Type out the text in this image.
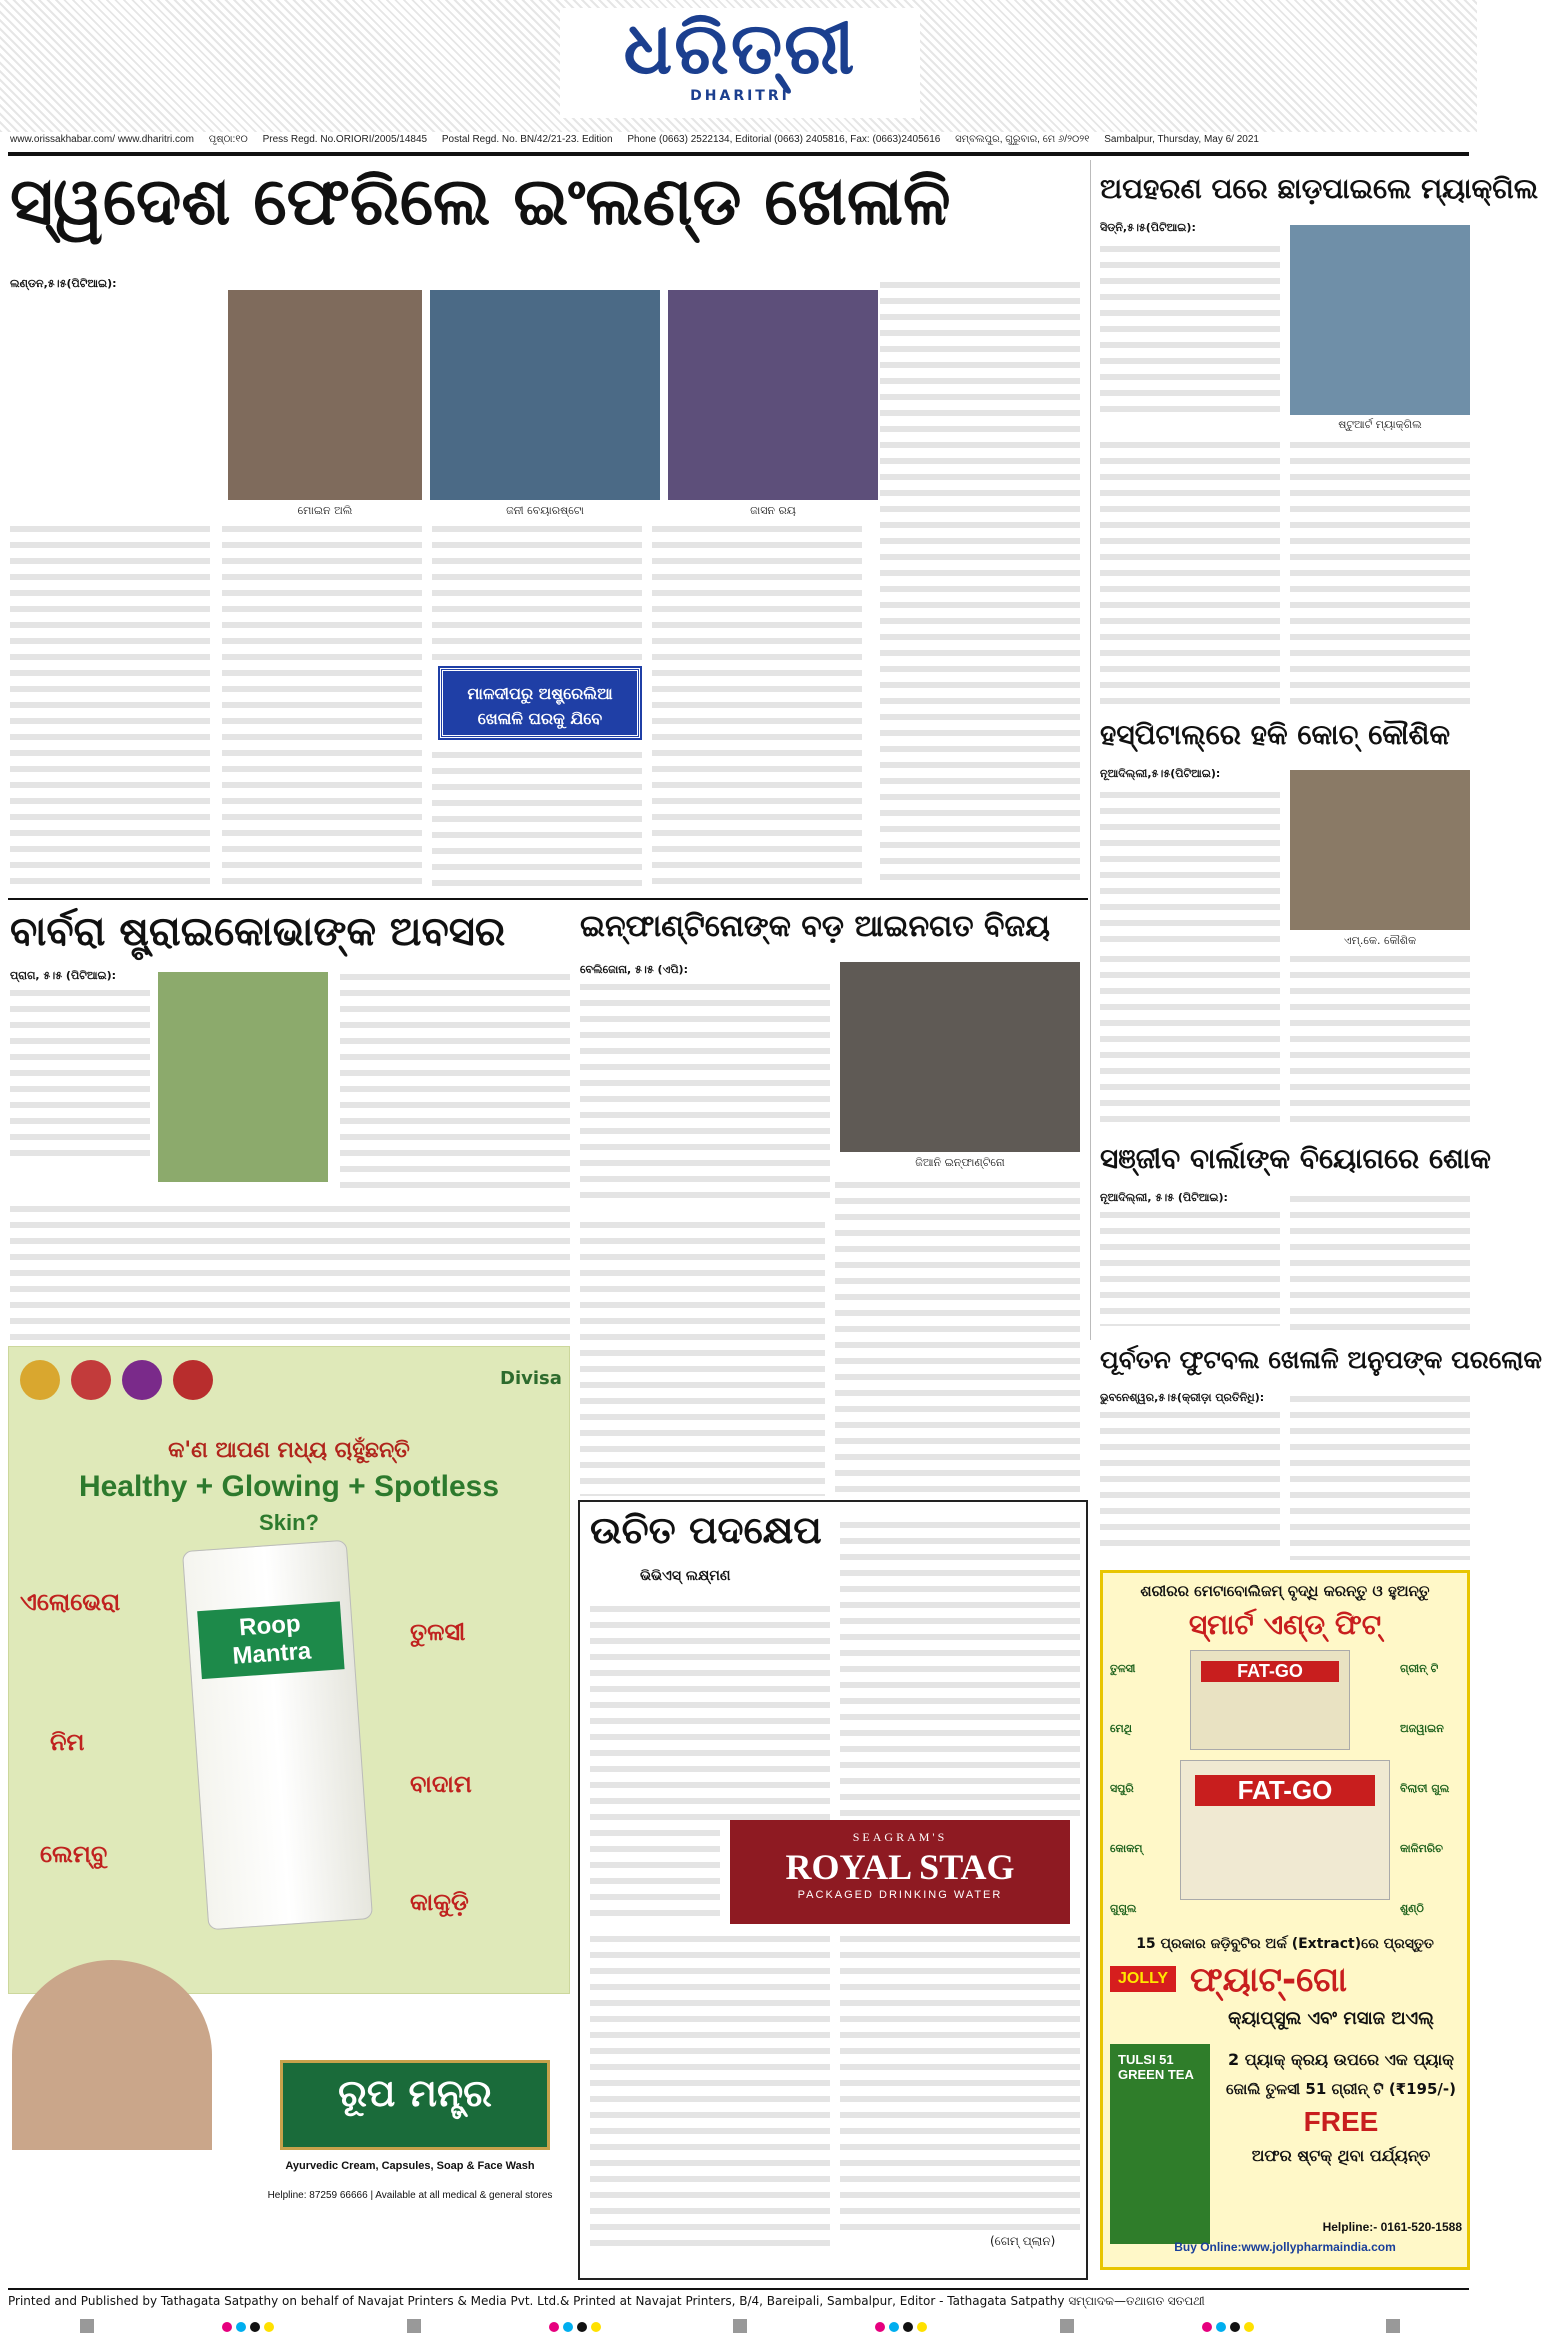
ଧରିତ୍ରୀ
DHARITRI
www.orissakhabar.com/ www.dharitri.com ପୃଷ୍ଠା:୧୦ Press Regd. No.ORIORI/2005/14845 Postal Regd. No. BN/42/21-23. Edition Phone (0663) 2522134, Editorial (0663) 2405816, Fax: (0663)2405616 ସମ୍ବଲପୁର, ଗୁରୁବାର, ମେ ୬/୨୦୨୧ Sambalpur, Thursday, May 6/ 2021
ସ୍ୱଦେଶ ଫେରିଲେ ଇଂଲଣ୍ଡ ଖେଳାଳି
ଲଣ୍ଡନ,୫।୫(ପିଟିଆଇ):
ମୋଇନ ଅଲି	ଜନୀ ବେୟାରଷ୍ଟୋ	ଜାସନ ରୟ
ମାଳଦୀପରୁ ଅଷ୍ଟ୍ରେଲିଆ ଖେଳାଳି ଘରକୁ ଯିବେ
ଅପହରଣ ପରେ ଛାଡ଼ପାଇଲେ ମ୍ୟାକ୍‌ଗିଲ
ସିଡ୍‌ନି,୫।୫(ପିଟିଆଇ):
ଷ୍ଟୁଆର୍ଟ ମ୍ୟାକ୍‌ଗିଲ
ହସ୍ପିଟାଲ୍‌ରେ ହକି କୋଚ୍ କୌଶିକ
ନୂଆଦିଲ୍ଲୀ,୫।୫(ପିଟିଆଇ):
ଏମ୍.କେ. କୌଶିକ
ସଞ୍ଜୀବ ବାର୍ଲାଙ୍କ ବିୟୋଗରେ ଶୋକ
ନୂଆଦିଲ୍ଲୀ, ୫।୫ (ପିଟିଆଇ):
ପୂର୍ବତନ ଫୁଟବଲ ଖେଳାଳି ଅନୁପଙ୍କ ପରଲୋକ
ଭୁବନେଶ୍ୱର,୫।୫(କ୍ରୀଡ଼ା ପ୍ରତିନିଧି):
ବାର୍ବରା ଷ୍ଟ୍ରାଇକୋଭାଙ୍କ ଅବସର
ପ୍ରାଗ, ୫।୫ (ପିଟିଆଇ):
ଇନ୍‌ଫାଣ୍ଟିନୋଙ୍କ ବଡ଼ ଆଇନଗତ ବିଜୟ
ବେଲିଜୋନା, ୫।୫ (ଏପି):
ଜିଆନି ଇନ୍‌ଫାଣ୍ଟିନୋ
Divisa

କ'ଣ ଆପଣ ମଧ୍ୟ ଚାହୁଁଛନ୍ତି
Healthy + Glowing + Spotless
Skin?
Roop Mantra
ଏଲୋଭେରା
ତୁଳସୀ
ନିମ
ବାଦାମ
ଲେମ୍ବୁ
କାକୁଡ଼ି
ରୂପ ମନ୍ତ୍ର
Ayurvedic Cream, Capsules, Soap & Face Wash
Helpline: 87259 66666 | Available at all medical & general stores
ଉଚିତ ପଦକ୍ଷେପ
ଭିଭିଏସ୍ ଲକ୍ଷ୍ମଣ
SEAGRAM'S
ROYAL STAG
PACKAGED DRINKING WATER
(ଗେମ୍ ପ୍ଲାନ)
ଶରୀରର ମେଟାବୋଲିଜମ୍ ବୃଦ୍ଧି କରନ୍ତୁ ଓ ହୁଅନ୍ତୁ
ସ୍ମାର୍ଟ ଏଣ୍ଡ୍ ଫିଟ୍
FAT-GO
FAT-GO
ତୁଳସୀ
ମେଥି
ସପୁରି
କୋକମ୍
ଗୁଗୁଲ
ଗ୍ରୀନ୍ ଟି
ଅଜୱାଇନ
ବିଲାତୀ ଗୁଲ
କାଳିମରିଚ
ଶୁଣ୍ଠି
15 ପ୍ରକାର ଜଡ଼ିବୁଟିର ଅର୍କ (Extract)ରେ ପ୍ରସ୍ତୁତ
JOLLY ଫ୍ୟାଟ୍-ଗୋ
କ୍ୟାପ୍‌ସୁଲ ଏବଂ ମସାଜ ଅଏଲ୍
TULSI 51 GREEN TEA
2 ପ୍ୟାକ୍ କ୍ରୟ ଉପରେ ଏକ ପ୍ୟାକ୍
ଜୋଲି ତୁଳସୀ 51 ଗ୍ରୀନ୍ ଟି (₹195/-)
FREE
ଅଫର ଷ୍ଟକ୍ ଥିବା ପର୍ଯ୍ୟନ୍ତ
Helpline:- 0161-520-1588
Buy Online:www.jollypharmaindia.com
Printed and Published by Tathagata Satpathy on behalf of Navajat Printers & Media Pvt. Ltd.& Printed at Navajat Printers, B/4, Bareipali, Sambalpur, Editor - Tathagata Satpathy ସମ୍ପାଦକ—ତଥାଗତ ସତପଥୀ
